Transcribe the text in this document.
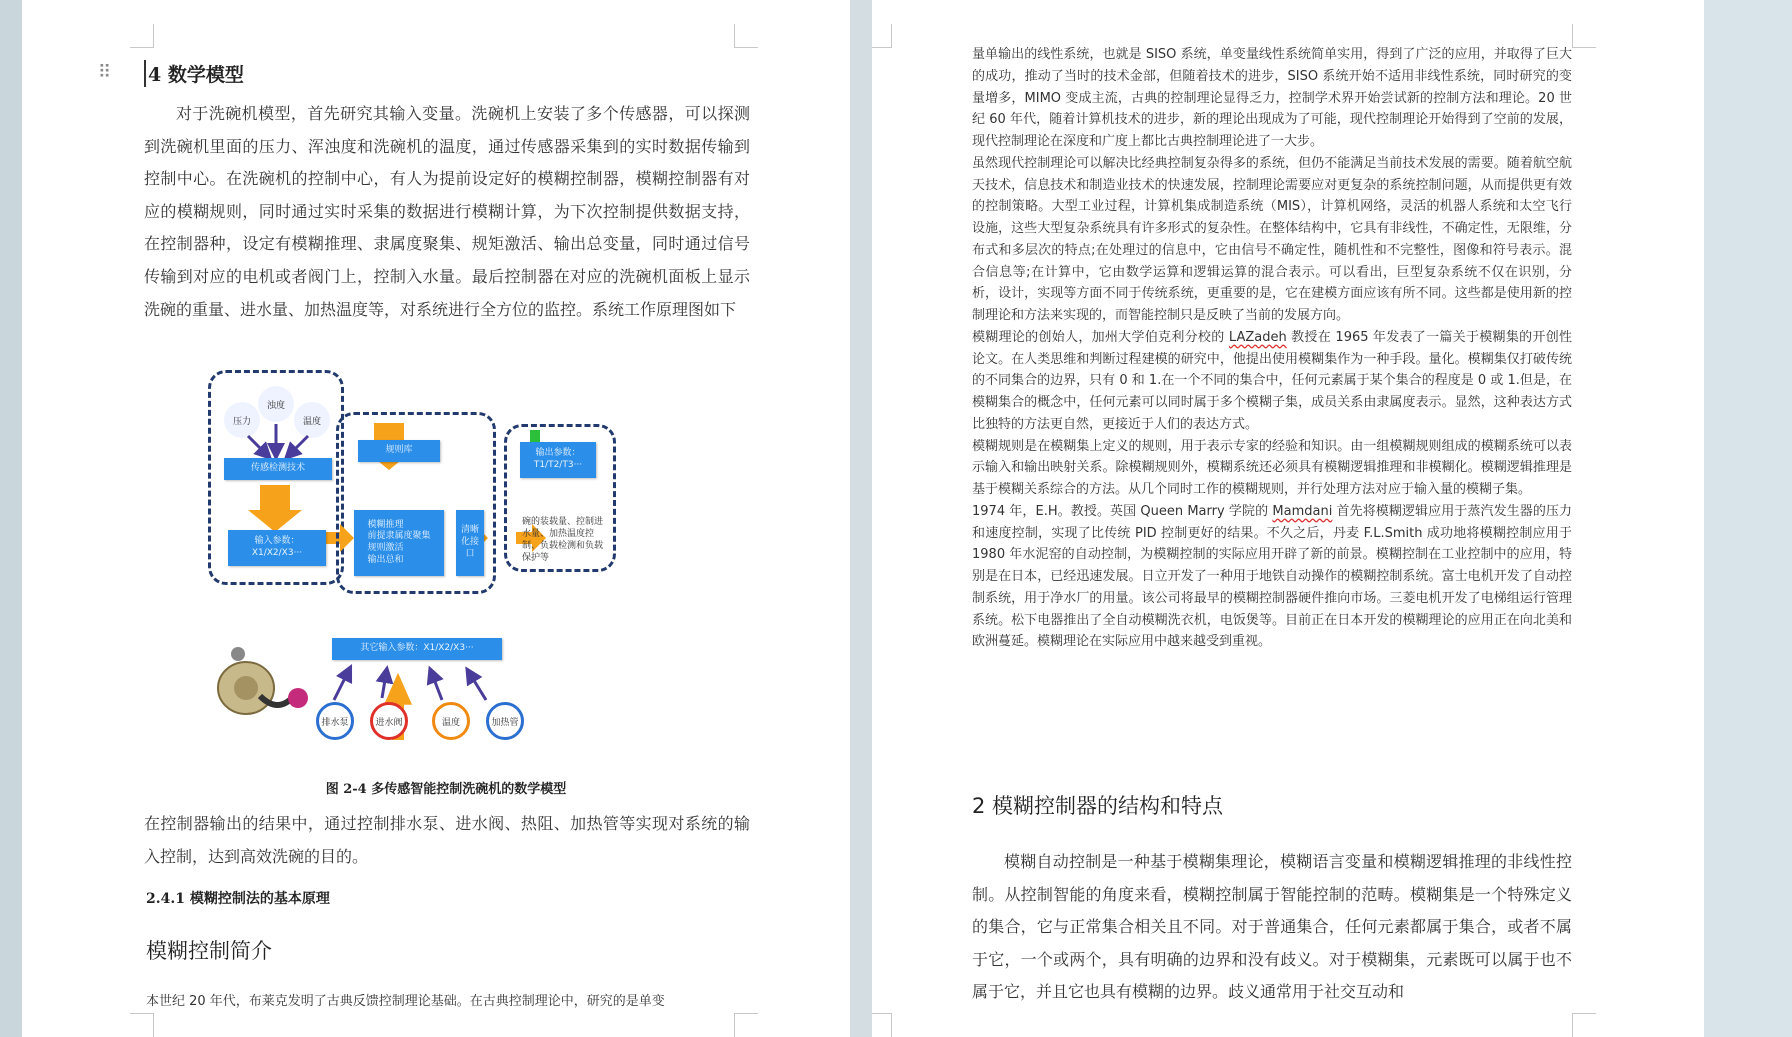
⠿ 4 数学模型
对于洗碗机模型，首先研究其输入变量。洗碗机上安装了多个传感器，可以探测到洗碗机里面的压力、浑浊度和洗碗机的温度，通过传感器采集到的实时数据传输到控制中心。在洗碗机的控制中心，有人为提前设定好的模糊控制器，模糊控制器有对应的模糊规则，同时通过实时采集的数据进行模糊计算，为下次控制提供数据支持，在控制器种，设定有模糊推理、隶属度聚集、规矩激活、输出总变量，同时通过信号传输到对应的电机或者阀门上，控制入水量。最后控制器在对应的洗碗机面板上显示洗碗的重量、进水量、加热温度等，对系统进行全方位的监控。系统工作原理图如下
压力
浊度
温度
传感检测技术
输入参数：X1/X2/X3···
规则库
模糊推理
前提隶属度聚集
规则激活
输出总和
清晰化接口
输出参数：T1/T2/T3···
碗的装载量、控制进水量、加热温度控制、负载检测和负载保护等
其它输入参数：X1/X2/X3···
排水泵	进水阀	温度	加热管
图 2-4 多传感智能控制洗碗机的数学模型
在控制器输出的结果中，通过控制排水泵、进水阀、热阻、加热管等实现对系统的输入控制，达到高效洗碗的目的。
2.4.1 模糊控制法的基本原理
模糊控制简介
本世纪 20 年代，布莱克发明了古典反馈控制理论基础。在古典控制理论中，研究的是单变

量单输出的线性系统，也就是 SISO 系统，单变量线性系统简单实用，得到了广泛的应用，并取得了巨大的成功，推动了当时的技术金部，但随着技术的进步，SISO 系统开始不适用非线性系统，同时研究的变量增多，MIMO 变成主流，古典的控制理论显得乏力，控制学术界开始尝试新的控制方法和理论。20 世纪 60 年代，随着计算机技术的进步，新的理论出现成为了可能，现代控制理论开始得到了空前的发展，现代控制理论在深度和广度上都比古典控制理论进了一大步。

虽然现代控制理论可以解决比经典控制复杂得多的系统，但仍不能满足当前技术发展的需要。随着航空航天技术，信息技术和制造业技术的快速发展，控制理论需要应对更复杂的系统控制问题，从而提供更有效的控制策略。大型工业过程，计算机集成制造系统（MIS），计算机网络，灵活的机器人系统和太空飞行设施，这些大型复杂系统具有许多形式的复杂性。在整体结构中，它具有非线性，不确定性，无限维，分布式和多层次的特点;在处理过的信息中，它由信号不确定性，随机性和不完整性，图像和符号表示。混合信息等;在计算中，它由数学运算和逻辑运算的混合表示。可以看出，巨型复杂系统不仅在识别，分析，设计，实现等方面不同于传统系统，更重要的是，它在建模方面应该有所不同。这些都是使用新的控制理论和方法来实现的，而智能控制只是反映了当前的发展方向。

模糊理论的创始人，加州大学伯克利分校的 LAZadeh 教授在 1965 年发表了一篇关于模糊集的开创性论文。在人类思维和判断过程建模的研究中，他提出使用模糊集作为一种手段。量化。模糊集仅打破传统的不同集合的边界，只有 0 和 1.在一个不同的集合中，任何元素属于某个集合的程度是 0 或 1.但是，在模糊集合的概念中，任何元素可以同时属于多个模糊子集，成员关系由隶属度表示。显然，这种表达方式比独特的方法更自然，更接近于人们的表达方式。

模糊规则是在模糊集上定义的规则，用于表示专家的经验和知识。由一组模糊规则组成的模糊系统可以表示输入和输出映射关系。除模糊规则外，模糊系统还必须具有模糊逻辑推理和非模糊化。模糊逻辑推理是基于模糊关系综合的方法。从几个同时工作的模糊规则，并行处理方法对应于输入量的模糊子集。

1974 年，E.H。教授。英国 Queen Marry 学院的 Mamdani 首先将模糊逻辑应用于蒸汽发生器的压力和速度控制，实现了比传统 PID 控制更好的结果。不久之后，丹麦 F.L.Smith 成功地将模糊控制应用于 1980 年水泥窑的自动控制，为模糊控制的实际应用开辟了新的前景。模糊控制在工业控制中的应用，特别是在日本，已经迅速发展。日立开发了一种用于地铁自动操作的模糊控制系统。富士电机开发了自动控制系统，用于净水厂的用量。该公司将最早的模糊控制器硬件推向市场。三菱电机开发了电梯组运行管理系统。松下电器推出了全自动模糊洗衣机，电饭煲等。目前正在日本开发的模糊理论的应用正在向北美和欧洲蔓延。模糊理论在实际应用中越来越受到重视。

2 模糊控制器的结构和特点
模糊自动控制是一种基于模糊集理论，模糊语言变量和模糊逻辑推理的非线性控制。从控制智能的角度来看，模糊控制属于智能控制的范畴。模糊集是一个特殊定义的集合，它与正常集合相关且不同。对于普通集合，任何元素都属于集合，或者不属于它，一个或两个，具有明确的边界和没有歧义。对于模糊集，元素既可以属于也不属于它，并且它也具有模糊的边界。歧义通常用于社交互动和
